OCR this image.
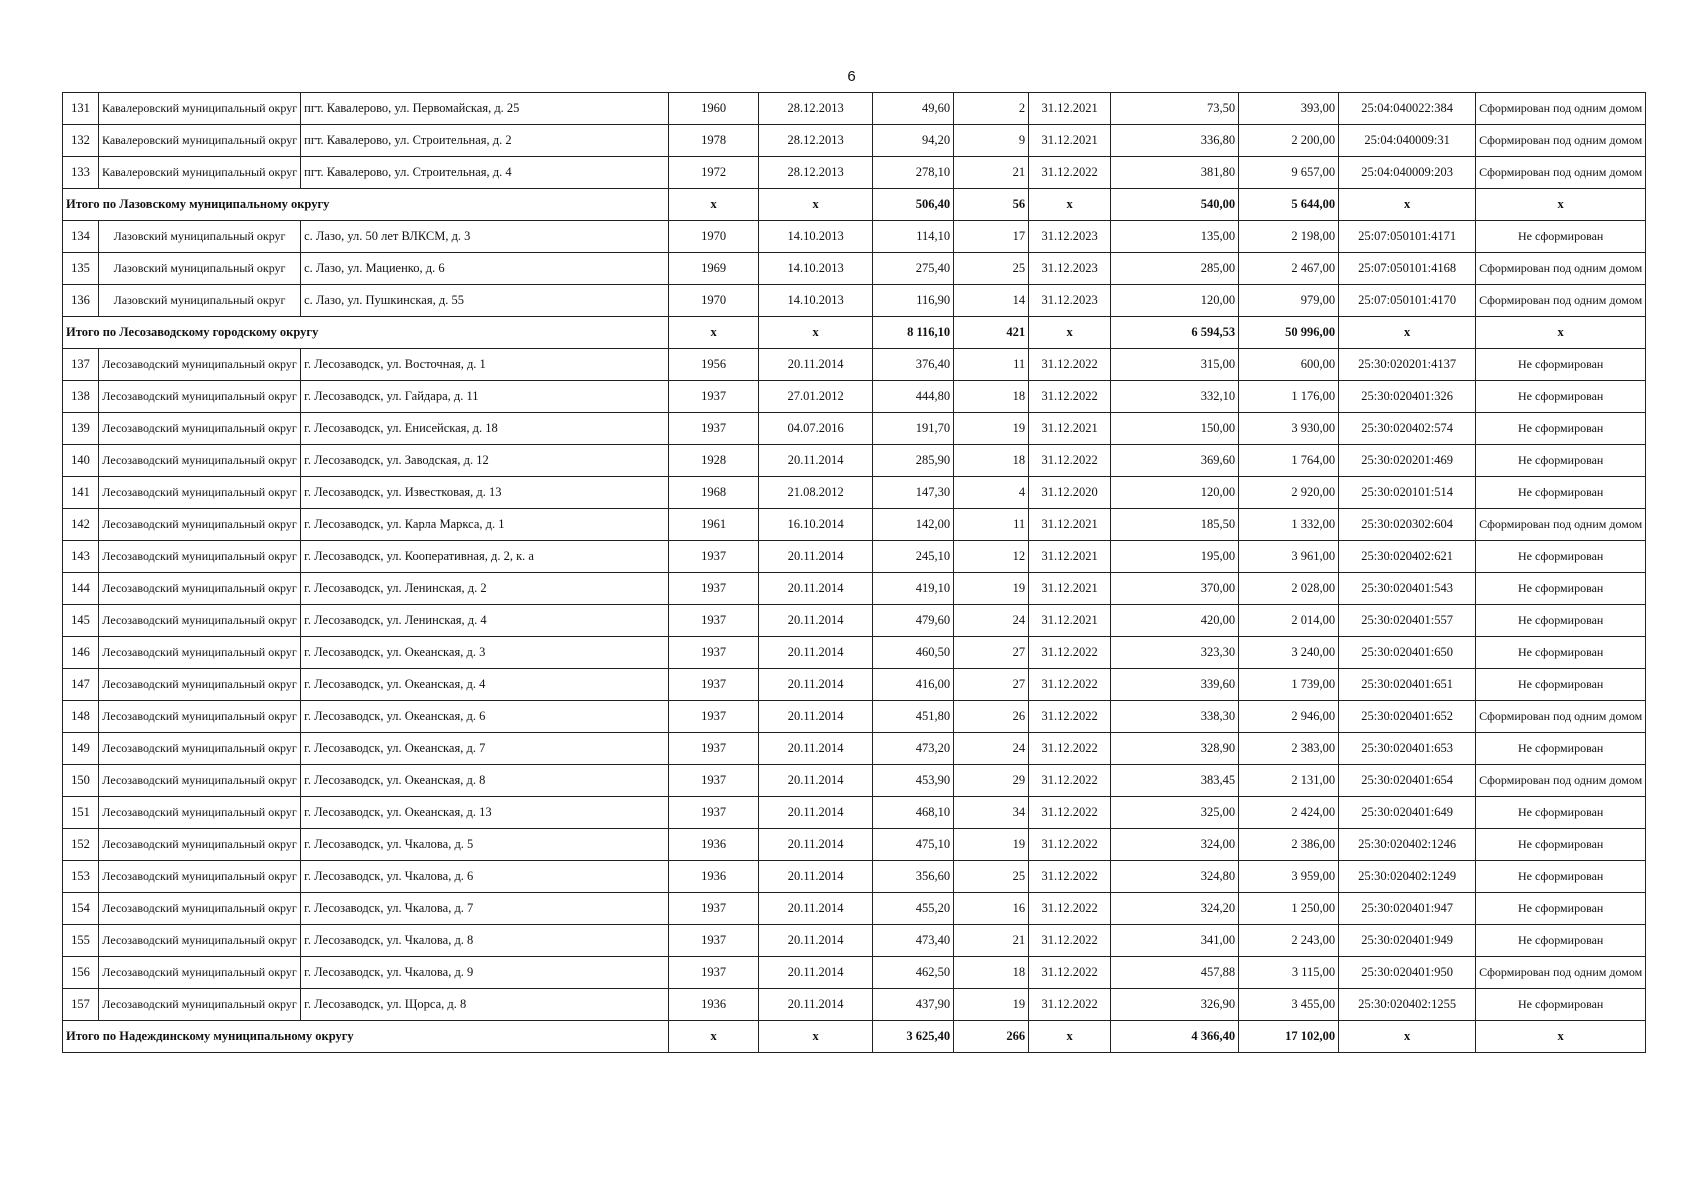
6
131	Кавалеровский муниципальный округ	пгт. Кавалерово, ул. Первомайская, д. 25	1960	28.12.2013	49,60	2	31.12.2021	73,50	393,00	25:04:040022:384	Сформирован под одним домом
132	Кавалеровский муниципальный округ	пгт. Кавалерово, ул. Строительная, д. 2	1978	28.12.2013	94,20	9	31.12.2021	336,80	2 200,00	25:04:040009:31	Сформирован под одним домом
133	Кавалеровский муниципальный округ	пгт. Кавалерово, ул. Строительная, д. 4	1972	28.12.2013	278,10	21	31.12.2022	381,80	9 657,00	25:04:040009:203	Сформирован под одним домом
Итого по Лазовскому муниципальному округу			x	x	506,40	56	x	540,00	5 644,00	x	x
134	Лазовский муниципальный округ	с. Лазо, ул. 50 лет ВЛКСМ, д. 3	1970	14.10.2013	114,10	17	31.12.2023	135,00	2 198,00	25:07:050101:4171	Не сформирован
135	Лазовский муниципальный округ	с. Лазо, ул. Мациенко, д. 6	1969	14.10.2013	275,40	25	31.12.2023	285,00	2 467,00	25:07:050101:4168	Сформирован под одним домом
136	Лазовский муниципальный округ	с. Лазо, ул. Пушкинская, д. 55	1970	14.10.2013	116,90	14	31.12.2023	120,00	979,00	25:07:050101:4170	Сформирован под одним домом
Итого по Лесозаводскому городскому округу			x	x	8 116,10	421	x	6 594,53	50 996,00	x	x
137	Лесозаводский муниципальный округ	г. Лесозаводск, ул. Восточная, д. 1	1956	20.11.2014	376,40	11	31.12.2022	315,00	600,00	25:30:020201:4137	Не сформирован
138	Лесозаводский муниципальный округ	г. Лесозаводск, ул. Гайдара, д. 11	1937	27.01.2012	444,80	18	31.12.2022	332,10	1 176,00	25:30:020401:326	Не сформирован
139	Лесозаводский муниципальный округ	г. Лесозаводск, ул. Енисейская, д. 18	1937	04.07.2016	191,70	19	31.12.2021	150,00	3 930,00	25:30:020402:574	Не сформирован
140	Лесозаводский муниципальный округ	г. Лесозаводск, ул. Заводская, д. 12	1928	20.11.2014	285,90	18	31.12.2022	369,60	1 764,00	25:30:020201:469	Не сформирован
141	Лесозаводский муниципальный округ	г. Лесозаводск, ул. Известковая, д. 13	1968	21.08.2012	147,30	4	31.12.2020	120,00	2 920,00	25:30:020101:514	Не сформирован
142	Лесозаводский муниципальный округ	г. Лесозаводск, ул. Карла Маркса, д. 1	1961	16.10.2014	142,00	11	31.12.2021	185,50	1 332,00	25:30:020302:604	Сформирован под одним домом
143	Лесозаводский муниципальный округ	г. Лесозаводск, ул. Кооперативная, д. 2, к. а	1937	20.11.2014	245,10	12	31.12.2021	195,00	3 961,00	25:30:020402:621	Не сформирован
144	Лесозаводский муниципальный округ	г. Лесозаводск, ул. Ленинская, д. 2	1937	20.11.2014	419,10	19	31.12.2021	370,00	2 028,00	25:30:020401:543	Не сформирован
145	Лесозаводский муниципальный округ	г. Лесозаводск, ул. Ленинская, д. 4	1937	20.11.2014	479,60	24	31.12.2021	420,00	2 014,00	25:30:020401:557	Не сформирован
146	Лесозаводский муниципальный округ	г. Лесозаводск, ул. Океанская, д. 3	1937	20.11.2014	460,50	27	31.12.2022	323,30	3 240,00	25:30:020401:650	Не сформирован
147	Лесозаводский муниципальный округ	г. Лесозаводск, ул. Океанская, д. 4	1937	20.11.2014	416,00	27	31.12.2022	339,60	1 739,00	25:30:020401:651	Не сформирован
148	Лесозаводский муниципальный округ	г. Лесозаводск, ул. Океанская, д. 6	1937	20.11.2014	451,80	26	31.12.2022	338,30	2 946,00	25:30:020401:652	Сформирован под одним домом
149	Лесозаводский муниципальный округ	г. Лесозаводск, ул. Океанская, д. 7	1937	20.11.2014	473,20	24	31.12.2022	328,90	2 383,00	25:30:020401:653	Не сформирован
150	Лесозаводский муниципальный округ	г. Лесозаводск, ул. Океанская, д. 8	1937	20.11.2014	453,90	29	31.12.2022	383,45	2 131,00	25:30:020401:654	Сформирован под одним домом
151	Лесозаводский муниципальный округ	г. Лесозаводск, ул. Океанская, д. 13	1937	20.11.2014	468,10	34	31.12.2022	325,00	2 424,00	25:30:020401:649	Не сформирован
152	Лесозаводский муниципальный округ	г. Лесозаводск, ул. Чкалова, д. 5	1936	20.11.2014	475,10	19	31.12.2022	324,00	2 386,00	25:30:020402:1246	Не сформирован
153	Лесозаводский муниципальный округ	г. Лесозаводск, ул. Чкалова, д. 6	1936	20.11.2014	356,60	25	31.12.2022	324,80	3 959,00	25:30:020402:1249	Не сформирован
154	Лесозаводский муниципальный округ	г. Лесозаводск, ул. Чкалова, д. 7	1937	20.11.2014	455,20	16	31.12.2022	324,20	1 250,00	25:30:020401:947	Не сформирован
155	Лесозаводский муниципальный округ	г. Лесозаводск, ул. Чкалова, д. 8	1937	20.11.2014	473,40	21	31.12.2022	341,00	2 243,00	25:30:020401:949	Не сформирован
156	Лесозаводский муниципальный округ	г. Лесозаводск, ул. Чкалова, д. 9	1937	20.11.2014	462,50	18	31.12.2022	457,88	3 115,00	25:30:020401:950	Сформирован под одним домом
157	Лесозаводский муниципальный округ	г. Лесозаводск, ул. Щорса, д. 8	1936	20.11.2014	437,90	19	31.12.2022	326,90	3 455,00	25:30:020402:1255	Не сформирован
Итого по Надеждинскому муниципальному округу			x	x	3 625,40	266	x	4 366,40	17 102,00	x	x
